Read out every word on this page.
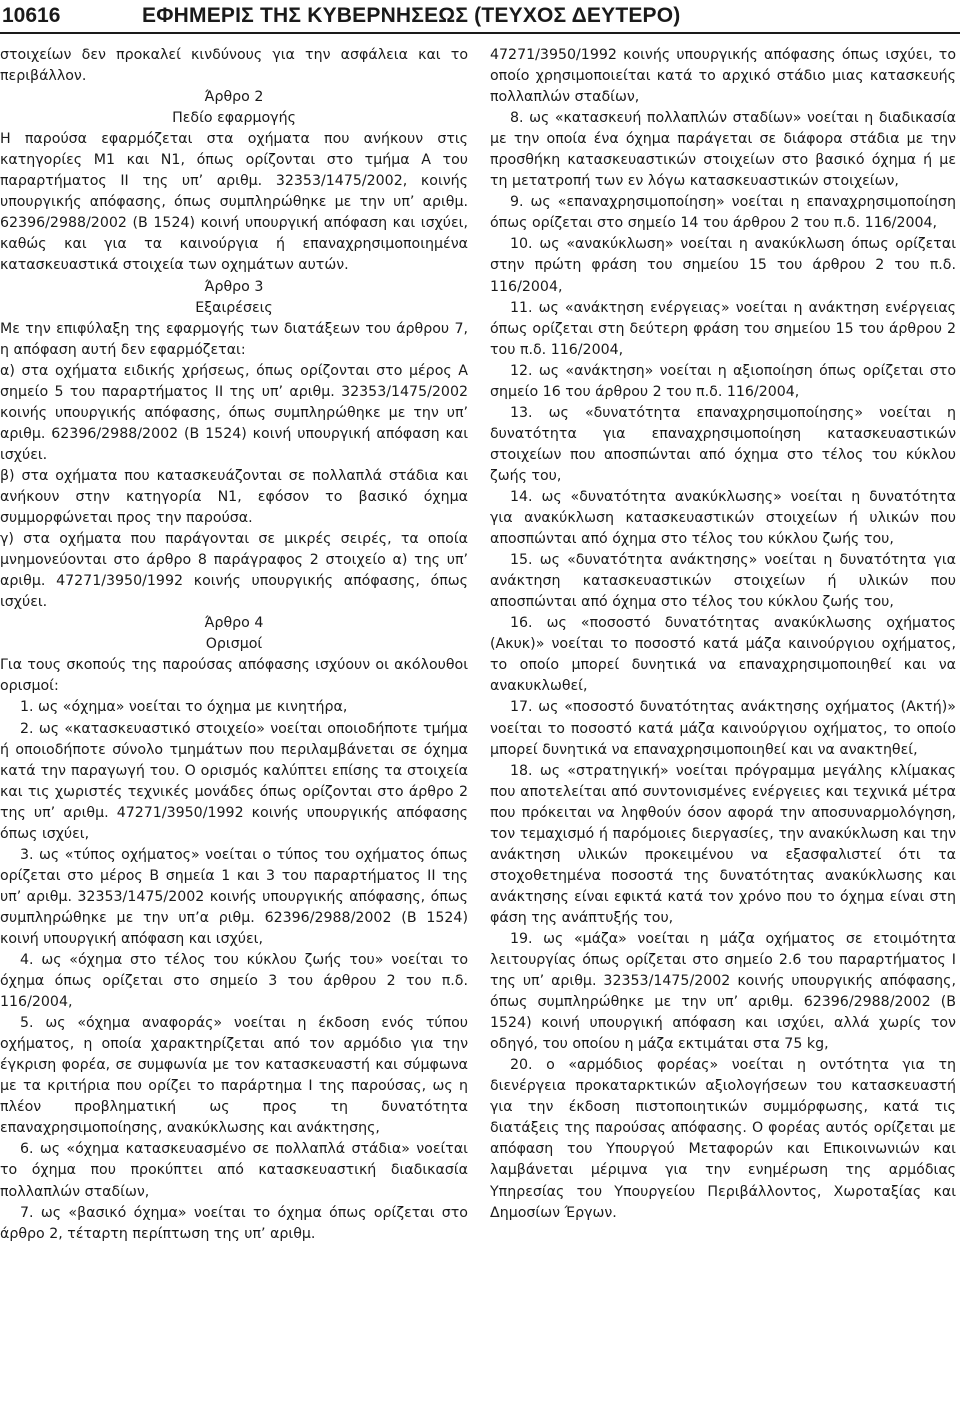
10616	ΕΦΗΜΕΡΙΣ ΤΗΣ ΚΥΒΕΡΝΗΣΕΩΣ (ΤΕΥΧΟΣ ΔΕΥΤΕΡΟ)

στοιχείων δεν προκαλεί κινδύνους για την ασφάλεια και το περιβάλλον.

Άρθρο 2

Πεδίο εφαρμογής

Η παρούσα εφαρμόζεται στα οχήματα που ανήκουν στις κατηγορίες Μ1 και Ν1, όπως ορίζονται στο τμήμα Α του παραρτήματος ΙΙ της υπ’ αριθμ. 32353/1475/2002, κοινής υπουργικής απόφασης, όπως συμπληρώθηκε με την υπ’ αριθμ. 62396/2988/2002 (Β 1524) κοινή υπουργική απόφαση και ισχύει, καθώς και για τα καινούργια ή επαναχρησιμοποιημένα κατασκευαστικά στοιχεία των οχημάτων αυτών.

Άρθρο 3

Εξαιρέσεις

Με την επιφύλαξη της εφαρμογής των διατάξεων του άρθρου 7, η απόφαση αυτή δεν εφαρμόζεται:

α) στα οχήματα ειδικής χρήσεως, όπως ορίζονται στο μέρος Α σημείο 5 του παραρτήματος ΙΙ της υπ’ αριθμ. 32353/1475/2002 κοινής υπουργικής απόφασης, όπως συμπληρώθηκε με την υπ’ αριθμ. 62396/2988/2002 (Β 1524) κοινή υπουργική απόφαση και ισχύει.

β) στα οχήματα που κατασκευάζονται σε πολλαπλά στάδια και ανήκουν στην κατηγορία Ν1, εφόσον το βασικό όχημα συμμορφώνεται προς την παρούσα.

γ) στα οχήματα που παράγονται σε μικρές σειρές, τα οποία μνημονεύονται στο άρθρο 8 παράγραφος 2 στοιχείο α) της υπ’ αριθμ. 47271/3950/1992 κοινής υπουργικής απόφασης, όπως ισχύει.

Άρθρο 4

Ορισμοί

Για τους σκοπούς της παρούσας απόφασης ισχύουν οι ακόλουθοι ορισμοί:

1. ως «όχημα» νοείται το όχημα με κινητήρα,

2. ως «κατασκευαστικό στοιχείο» νοείται οποιοδήποτε τμήμα ή οποιοδήποτε σύνολο τμημάτων που περιλαμβάνεται σε όχημα κατά την παραγωγή του. Ο ορισμός καλύπτει επίσης τα στοιχεία και τις χωριστές τεχνικές μονάδες όπως ορίζονται στο άρθρο 2 της υπ’ αριθμ. 47271/3950/1992 κοινής υπουργικής απόφασης όπως ισχύει,

3. ως «τύπος οχήματος» νοείται ο τύπος του οχήματος όπως ορίζεται στο μέρος Β σημεία 1 και 3 του παραρτήματος ΙΙ της υπ’ αριθμ. 32353/1475/2002 κοινής υπουργικής απόφασης, όπως συμπληρώθηκε με την υπ’α ριθμ. 62396/2988/2002 (Β 1524) κοινή υπουργική απόφαση και ισχύει,

4. ως «όχημα στο τέλος του κύκλου ζωής του» νοείται το όχημα όπως ορίζεται στο σημείο 3 του άρθρου 2 του π.δ. 116/2004,

5. ως «όχημα αναφοράς» νοείται η έκδοση ενός τύπου οχήματος, η οποία χαρακτηρίζεται από τον αρμόδιο για την έγκριση φορέα, σε συμφωνία με τον κατασκευαστή και σύμφωνα με τα κριτήρια που ορίζει το παράρτημα Ι της παρούσας, ως η πλέον προβληματική ως προς τη δυνατότητα επαναχρησιμοποίησης, ανακύκλωσης και ανάκτησης,

6. ως «όχημα κατασκευασμένο σε πολλαπλά στάδια» νοείται το όχημα που προκύπτει από κατασκευαστική διαδικασία πολλαπλών σταδίων,

7. ως «βασικό όχημα» νοείται το όχημα όπως ορίζεται στο άρθρο 2, τέταρτη περίπτωση της υπ’ αριθμ.

47271/3950/1992 κοινής υπουργικής απόφασης όπως ισχύει, το οποίο χρησιμοποιείται κατά το αρχικό στάδιο μιας κατασκευής πολλαπλών σταδίων,

8. ως «κατασκευή πολλαπλών σταδίων» νοείται η διαδικασία με την οποία ένα όχημα παράγεται σε διάφορα στάδια με την προσθήκη κατασκευαστικών στοιχείων στο βασικό όχημα ή με τη μετατροπή των εν λόγω κατασκευαστικών στοιχείων,

9. ως «επαναχρησιμοποίηση» νοείται η επαναχρησιμοποίηση όπως ορίζεται στο σημείο 14 του άρθρου 2 του π.δ. 116/2004,

10. ως «ανακύκλωση» νοείται η ανακύκλωση όπως ορίζεται στην πρώτη φράση του σημείου 15 του άρθρου 2 του π.δ. 116/2004,

11. ως «ανάκτηση ενέργειας» νοείται η ανάκτηση ενέργειας όπως ορίζεται στη δεύτερη φράση του σημείου 15 του άρθρου 2 του π.δ. 116/2004,

12. ως «ανάκτηση» νοείται η αξιοποίηση όπως ορίζεται στο σημείο 16 του άρθρου 2 του π.δ. 116/2004,

13. ως «δυνατότητα επαναχρησιμοποίησης» νοείται η δυνατότητα για επαναχρησιμοποίηση κατασκευαστικών στοιχείων που αποσπώνται από όχημα στο τέλος του κύκλου ζωής του,

14. ως «δυνατότητα ανακύκλωσης» νοείται η δυνατότητα για ανακύκλωση κατασκευαστικών στοιχείων ή υλικών που αποσπώνται από όχημα στο τέλος του κύκλου ζωής του,

15. ως «δυνατότητα ανάκτησης» νοείται η δυνατότητα για ανάκτηση κατασκευαστικών στοιχείων ή υλικών που αποσπώνται από όχημα στο τέλος του κύκλου ζωής του,

16. ως «ποσοστό δυνατότητας ανακύκλωσης οχήματος (Ακυκ)» νοείται το ποσοστό κατά μάζα καινούργιου οχήματος, το οποίο μπορεί δυνητικά να επαναχρησιμοποιηθεί και να ανακυκλωθεί,

17. ως «ποσοστό δυνατότητας ανάκτησης οχήματος (Ακτή)» νοείται το ποσοστό κατά μάζα καινούργιου οχήματος, το οποίο μπορεί δυνητικά να επαναχρησιμοποιηθεί και να ανακτηθεί,

18. ως «στρατηγική» νοείται πρόγραμμα μεγάλης κλίμακας που αποτελείται από συντονισμένες ενέργειες και τεχνικά μέτρα που πρόκειται να ληφθούν όσον αφορά την αποσυναρμολόγηση, τον τεμαχισμό ή παρόμοιες διεργασίες, την ανακύκλωση και την ανάκτηση υλικών προκειμένου να εξασφαλιστεί ότι τα στοχοθετημένα ποσοστά της δυνατότητας ανακύκλωσης και ανάκτησης είναι εφικτά κατά τον χρόνο που το όχημα είναι στη φάση της ανάπτυξής του,

19. ως «μάζα» νοείται η μάζα οχήματος σε ετοιμότητα λειτουργίας όπως ορίζεται στο σημείο 2.6 του παραρτήματος Ι της υπ’ αριθμ. 32353/1475/2002 κοινής υπουργικής απόφασης, όπως συμπληρώθηκε με την υπ’ αριθμ. 62396/2988/2002 (Β 1524) κοινή υπουργική απόφαση και ισχύει, αλλά χωρίς τον οδηγό, του οποίου η μάζα εκτιμάται στα 75 kg,

20. ο «αρμόδιος φορέας» νοείται η οντότητα για τη διενέργεια προκαταρκτικών αξιολογήσεων του κατασκευαστή για την έκδοση πιστοποιητικών συμμόρφωσης, κατά τις διατάξεις της παρούσας απόφασης. Ο φορέας αυτός ορίζεται με απόφαση του Υπουργού Μεταφορών και Επικοινωνιών και λαμβάνεται μέριμνα για την ενημέρωση της αρμόδιας Υπηρεσίας του Υπουργείου Περιβάλλοντος, Χωροταξίας και Δημοσίων Έργων.
